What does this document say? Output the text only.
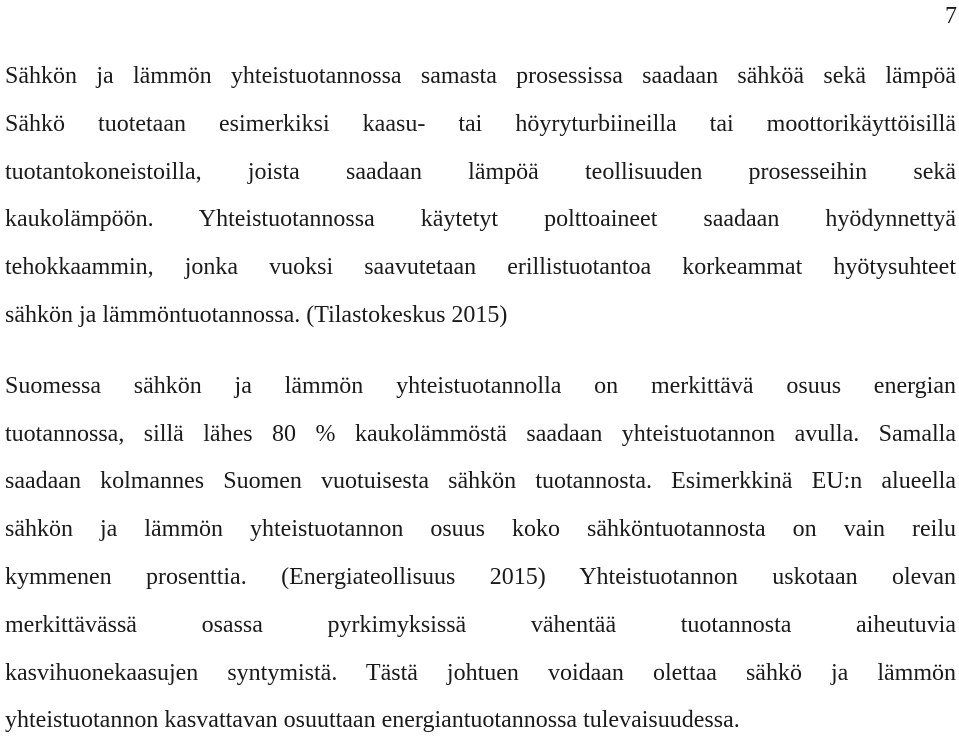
7
Sähkön ja lämmön yhteistuotannossa samasta prosessissa saadaan sähköä sekä lämpöä
Sähkö tuotetaan esimerkiksi kaasu- tai höyryturbiineilla tai moottorikäyttöisillä
tuotantokoneistoilla, joista saadaan lämpöä teollisuuden prosesseihin sekä
kaukolämpöön. Yhteistuotannossa käytetyt polttoaineet saadaan hyödynnettyä
tehokkaammin, jonka vuoksi saavutetaan erillistuotantoa korkeammat hyötysuhteet
sähkön ja lämmöntuotannossa. (Tilastokeskus 2015)
Suomessa sähkön ja lämmön yhteistuotannolla on merkittävä osuus energian
tuotannossa, sillä lähes 80 % kaukolämmöstä saadaan yhteistuotannon avulla. Samalla
saadaan kolmannes Suomen vuotuisesta sähkön tuotannosta. Esimerkkinä EU:n alueella
sähkön ja lämmön yhteistuotannon osuus koko sähköntuotannosta on vain reilu
kymmenen prosenttia. (Energiateollisuus 2015) Yhteistuotannon uskotaan olevan
merkittävässä osassa pyrkimyksissä vähentää tuotannosta aiheutuvia
kasvihuonekaasujen syntymistä. Tästä johtuen voidaan olettaa sähkö ja lämmön
yhteistuotannon kasvattavan osuuttaan energiantuotannossa tulevaisuudessa.
